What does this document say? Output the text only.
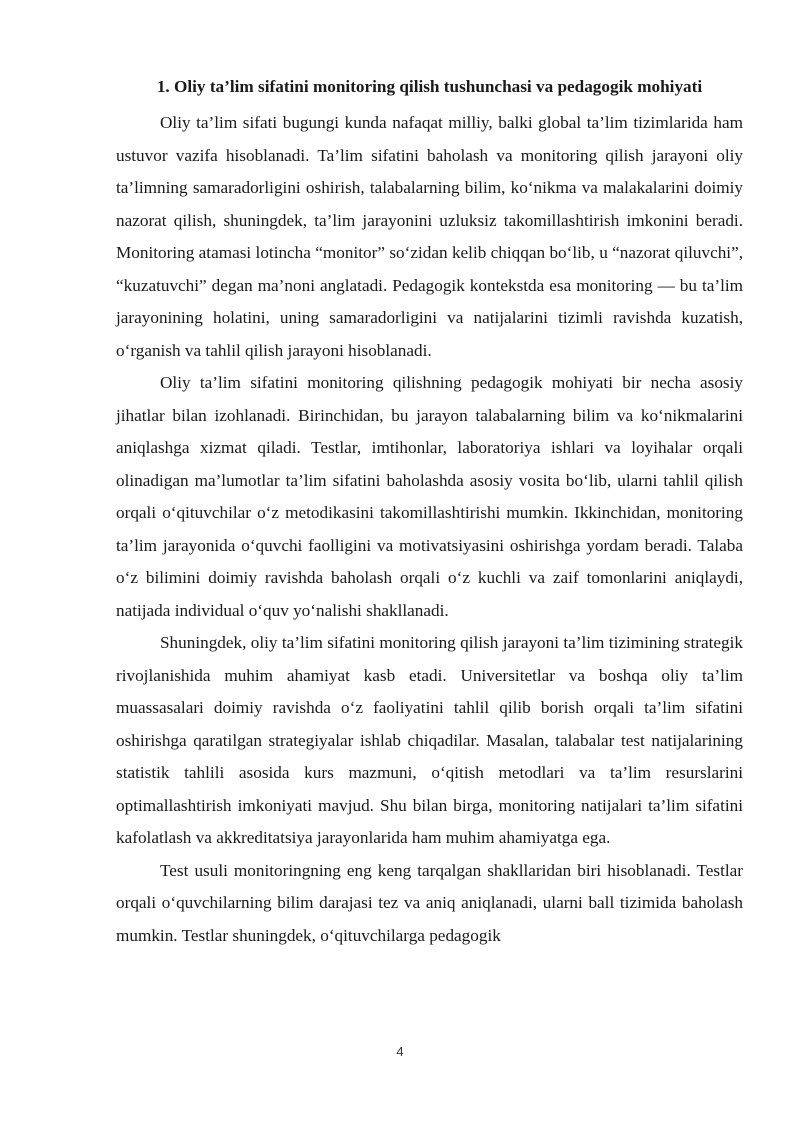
1. Oliy ta’lim sifatini monitoring qilish tushunchasi va pedagogik mohiyati

Oliy ta’lim sifati bugungi kunda nafaqat milliy, balki global ta’lim tizimlarida ham ustuvor vazifa hisoblanadi. Ta’lim sifatini baholash va monitoring qilish jarayoni oliy ta’limning samaradorligini oshirish, talabalarning bilim, ko‘nikma va malakalarini doimiy nazorat qilish, shuningdek, ta’lim jarayonini uzluksiz takomillashtirish imkonini beradi. Monitoring atamasi lotincha “monitor” so‘zidan kelib chiqqan bo‘lib, u “nazorat qiluvchi”, “kuzatuvchi” degan ma’noni anglatadi. Pedagogik kontekstda esa monitoring — bu ta’lim jarayonining holatini, uning samaradorligini va natijalarini tizimli ravishda kuzatish, o‘rganish va tahlil qilish jarayoni hisoblanadi.

Oliy ta’lim sifatini monitoring qilishning pedagogik mohiyati bir necha asosiy jihatlar bilan izohlanadi. Birinchidan, bu jarayon talabalarning bilim va ko‘nikmalarini aniqlashga xizmat qiladi. Testlar, imtihonlar, laboratoriya ishlari va loyihalar orqali olinadigan ma’lumotlar ta’lim sifatini baholashda asosiy vosita bo‘lib, ularni tahlil qilish orqali o‘qituvchilar o‘z metodikasini takomillashtirishi mumkin. Ikkinchidan, monitoring ta’lim jarayonida o‘quvchi faolligini va motivatsiyasini oshirishga yordam beradi. Talaba o‘z bilimini doimiy ravishda baholash orqali o‘z kuchli va zaif tomonlarini aniqlaydi, natijada individual o‘quv yo‘nalishi shakllanadi.

Shuningdek, oliy ta’lim sifatini monitoring qilish jarayoni ta’lim tizimining strategik rivojlanishida muhim ahamiyat kasb etadi. Universitetlar va boshqa oliy ta’lim muassasalari doimiy ravishda o‘z faoliyatini tahlil qilib borish orqali ta’lim sifatini oshirishga qaratilgan strategiyalar ishlab chiqadilar. Masalan, talabalar test natijalarining statistik tahlili asosida kurs mazmuni, o‘qitish metodlari va ta’lim resurslarini optimallashtirish imkoniyati mavjud. Shu bilan birga, monitoring natijalari ta’lim sifatini kafolatlash va akkreditatsiya jarayonlarida ham muhim ahamiyatga ega.

Test usuli monitoringning eng keng tarqalgan shakllaridan biri hisoblanadi. Testlar orqali o‘quvchilarning bilim darajasi tez va aniq aniqlanadi, ularni ball tizimida baholash mumkin. Testlar shuningdek, o‘qituvchilarga pedagogik

4
